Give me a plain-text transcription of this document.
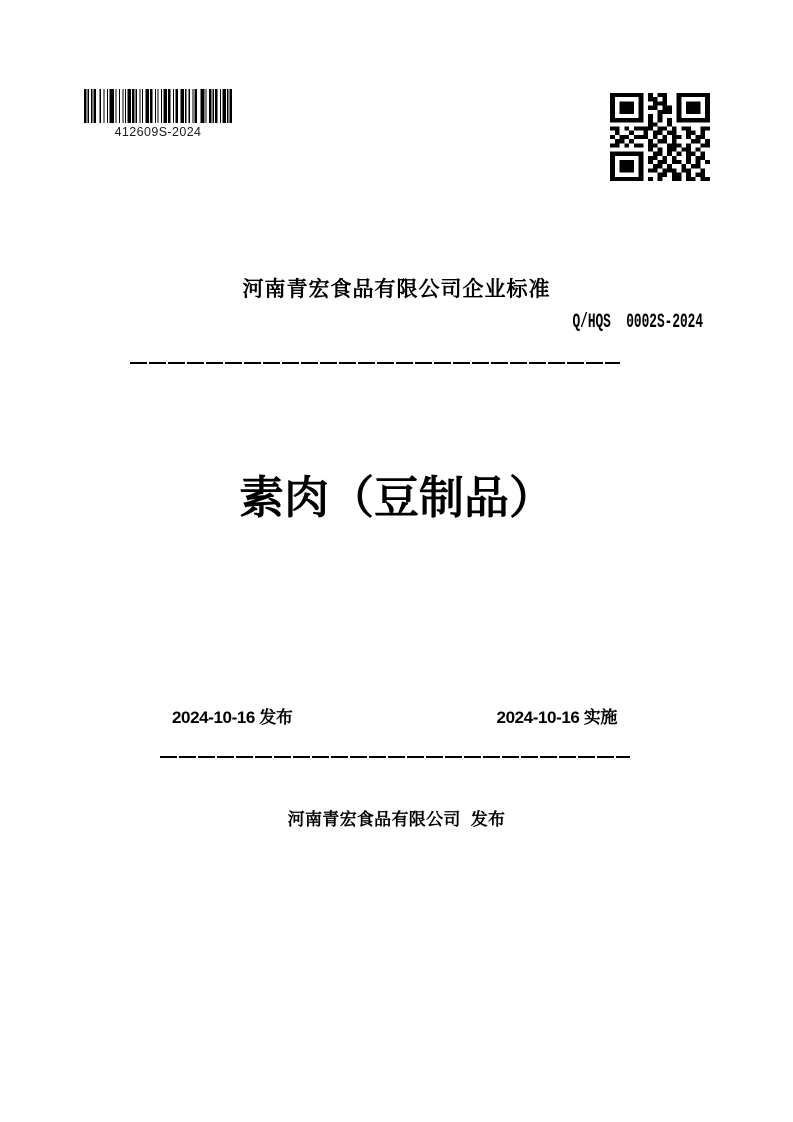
412609S-2024
河南青宏食品有限公司企业标准
Q/HQS  0002S-2024
素肉（豆制品）
2024-10-16 发布	2024-10-16 实施
河南青宏食品有限公司  发布
